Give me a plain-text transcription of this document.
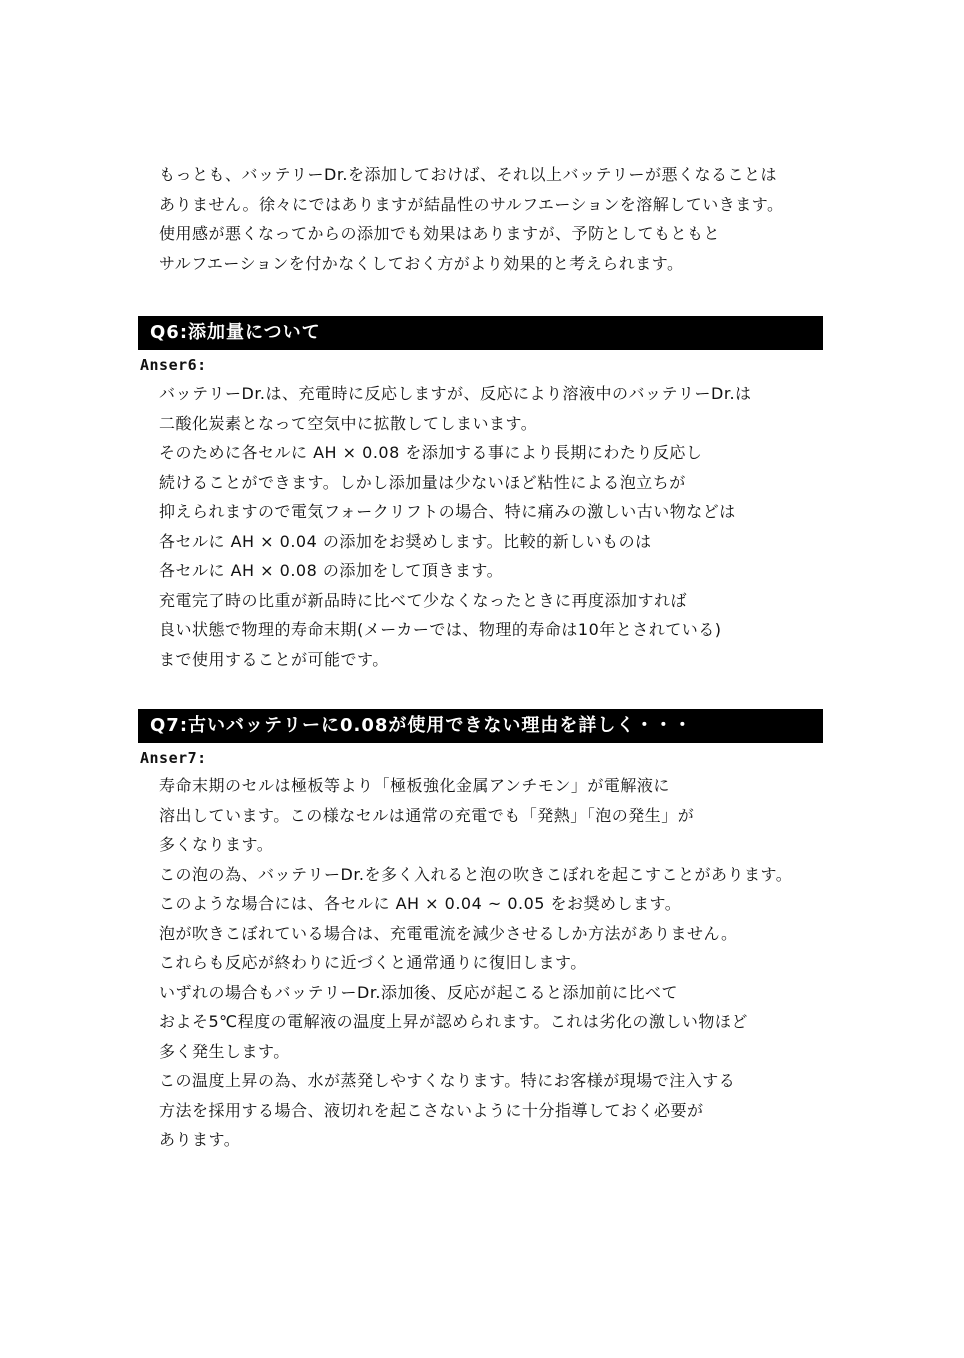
もっとも、バッテリーDr.を添加しておけば、それ以上バッテリーが悪くなることは
ありません。徐々にではありますが結晶性のサルフエーションを溶解していきます。
使用感が悪くなってからの添加でも効果はありますが、予防としてもともと
サルフエーションを付かなくしておく方がより効果的と考えられます。
Q6:添加量について
Anser6:
バッテリーDr.は、充電時に反応しますが、反応により溶液中のバッテリーDr.は
二酸化炭素となって空気中に拡散してしまいます。
そのために各セルに AH × 0.08 を添加する事により長期にわたり反応し
続けることができます。しかし添加量は少ないほど粘性による泡立ちが
抑えられますので電気フォークリフトの場合、特に痛みの激しい古い物などは
各セルに AH × 0.04 の添加をお奨めします。比較的新しいものは
各セルに AH × 0.08 の添加をして頂きます。
充電完了時の比重が新品時に比べて少なくなったときに再度添加すれば
良い状態で物理的寿命末期(メーカーでは、物理的寿命は10年とされている)
まで使用することが可能です。
Q7:古いバッテリーに0.08が使用できない理由を詳しく・・・
Anser7:
寿命末期のセルは極板等より「極板強化金属アンチモン」が電解液に
溶出しています。この様なセルは通常の充電でも「発熱」「泡の発生」が
多くなります。
この泡の為、バッテリーDr.を多く入れると泡の吹きこぼれを起こすことがあります。
このような場合には、各セルに AH × 0.04 ~ 0.05 をお奨めします。
泡が吹きこぼれている場合は、充電電流を減少させるしか方法がありません。
これらも反応が終わりに近づくと通常通りに復旧します。
いずれの場合もバッテリーDr.添加後、反応が起こると添加前に比べて
およそ5℃程度の電解液の温度上昇が認められます。これは劣化の激しい物ほど
多く発生します。
この温度上昇の為、水が蒸発しやすくなります。特にお客様が現場で注入する
方法を採用する場合、液切れを起こさないように十分指導しておく必要が
あります。
